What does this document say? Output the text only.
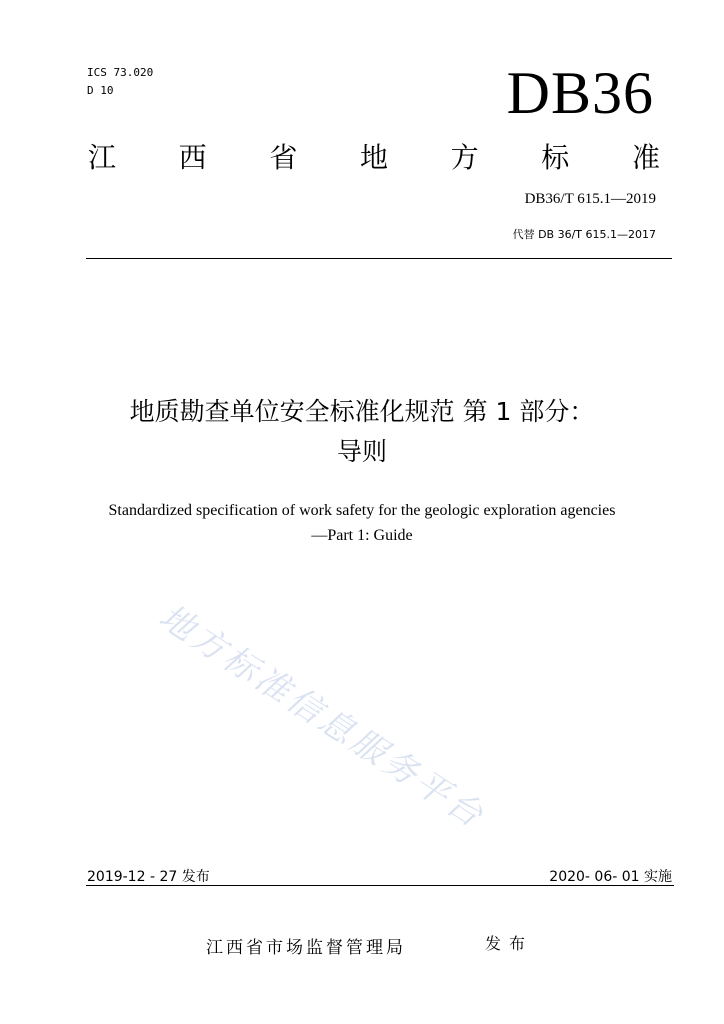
ICS 73.020
D 10	DB36
江 西 省 地 方 标 准
DB36/T 615.1—2019
代替 DB 36/T 615.1—2017
地方标准信息服务平台
地质勘查单位安全标准化规范 第 1 部分：
导则
Standardized specification of work safety for the geologic exploration agencies
—Part 1: Guide
2019-12 - 27 发布	2020- 06- 01 实施
江西省市场监督管理局	发布
